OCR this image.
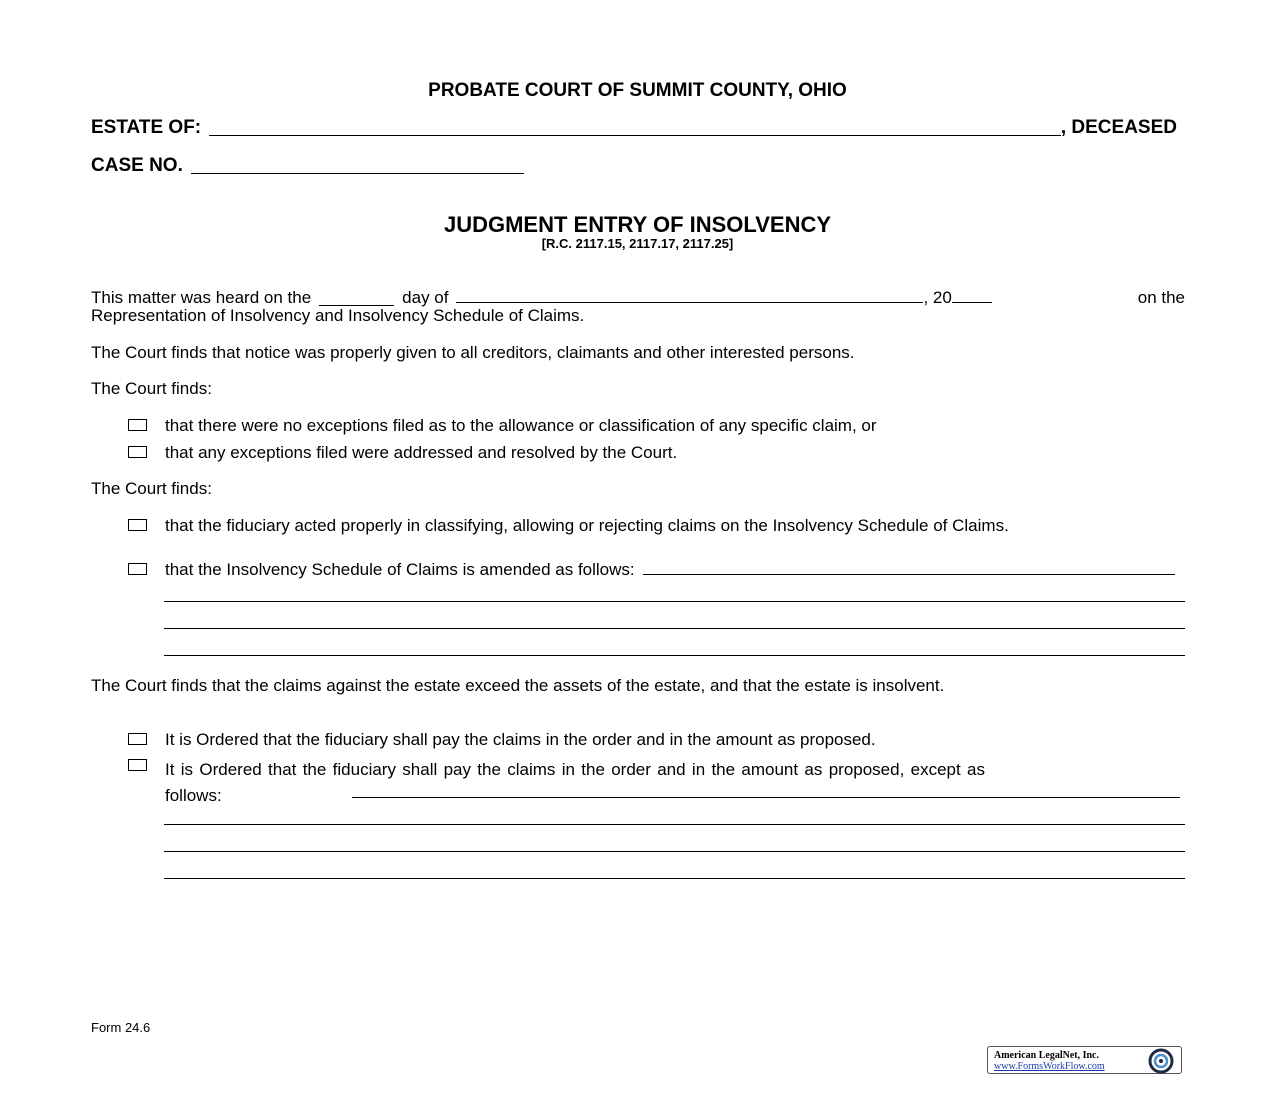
PROBATE COURT OF SUMMIT COUNTY, OHIO
ESTATE OF:	, DECEASED
CASE NO.
JUDGMENT ENTRY OF INSOLVENCY
[R.C. 2117.15, 2117.17, 2117.25]
This matter was heard on the	day of	, 20	on the
Representation of Insolvency and Insolvency Schedule of Claims.
The Court finds that notice was properly given to all creditors, claimants and other interested persons.
The Court finds:
that there were no exceptions filed as to the allowance or classification of any specific claim, or
that any exceptions filed were addressed and resolved by the Court.
The Court finds:
that the fiduciary acted properly in classifying, allowing or rejecting claims on the Insolvency Schedule of Claims.
that the Insolvency Schedule of Claims is amended as follows:
The Court finds that the claims against the estate exceed the assets of the estate, and that the estate is insolvent.
It is Ordered that the fiduciary shall pay the claims in the order and in the amount as proposed.
It is Ordered that the fiduciary shall pay the claims in the order and in the amount as proposed, except as follows:
Form 24.6
American LegalNet, Inc.
www.FormsWorkFlow.com
